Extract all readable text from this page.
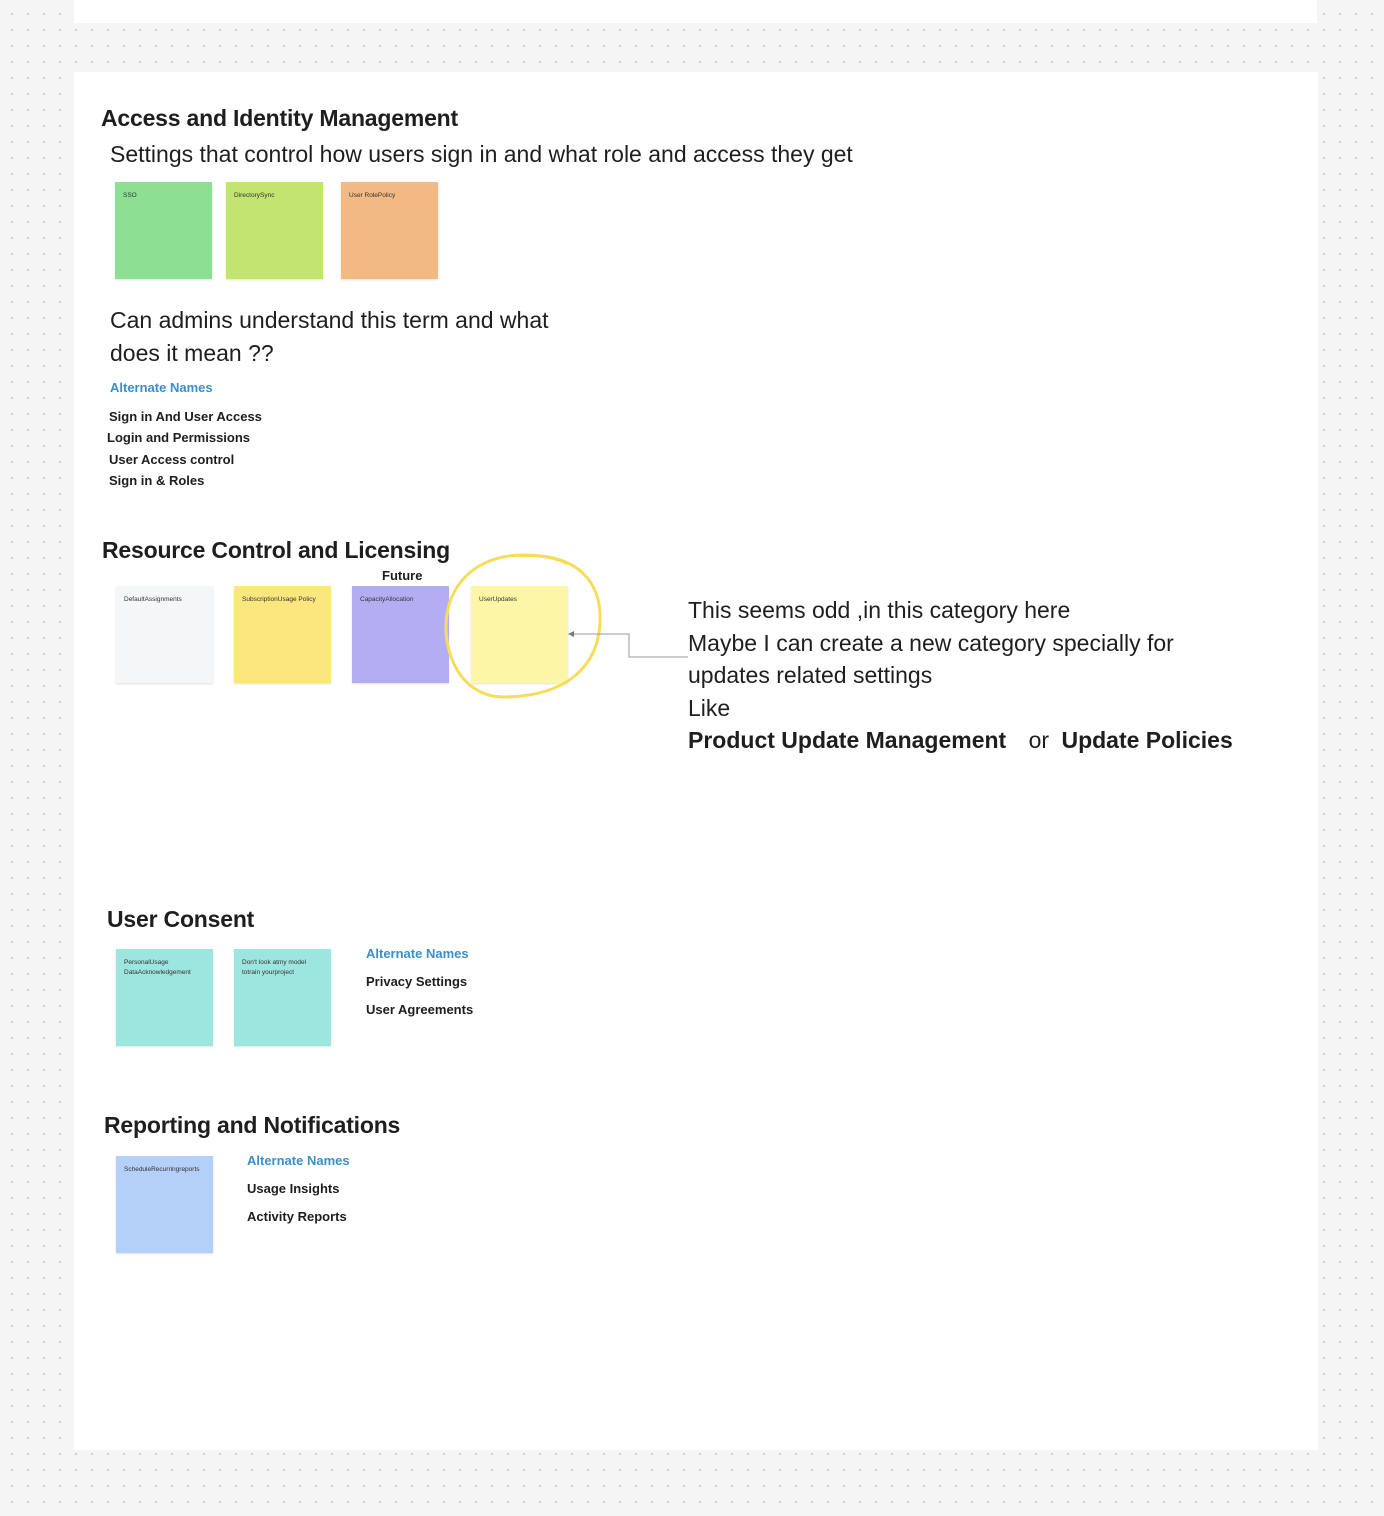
Access and Identity Management
Settings that control how users sign in and what role and access they get
SSO	DirectorySync	User RolePolicy
Can admins understand this term and what
does it mean ??
Alternate Names
Sign in And User Access
Login and Permissions
User Access control
Sign in & Roles
Resource Control and Licensing
Future
DefaultAssignments	SubscriptionUsage Policy	CapacityAllocation	UserUpdates	This seems odd ,in this category here
Maybe I can create a new category specially for
updates related settings
Like
Product Update Management or Update Policies
User Consent
PersonalUsage
DataAcknowledgement
Don't look atmy model
totrain yourproject
Alternate Names
Privacy Settings
User Agreements
Reporting and Notifications
ScheduleRecurringreports
Alternate Names
Usage Insights
Activity Reports
